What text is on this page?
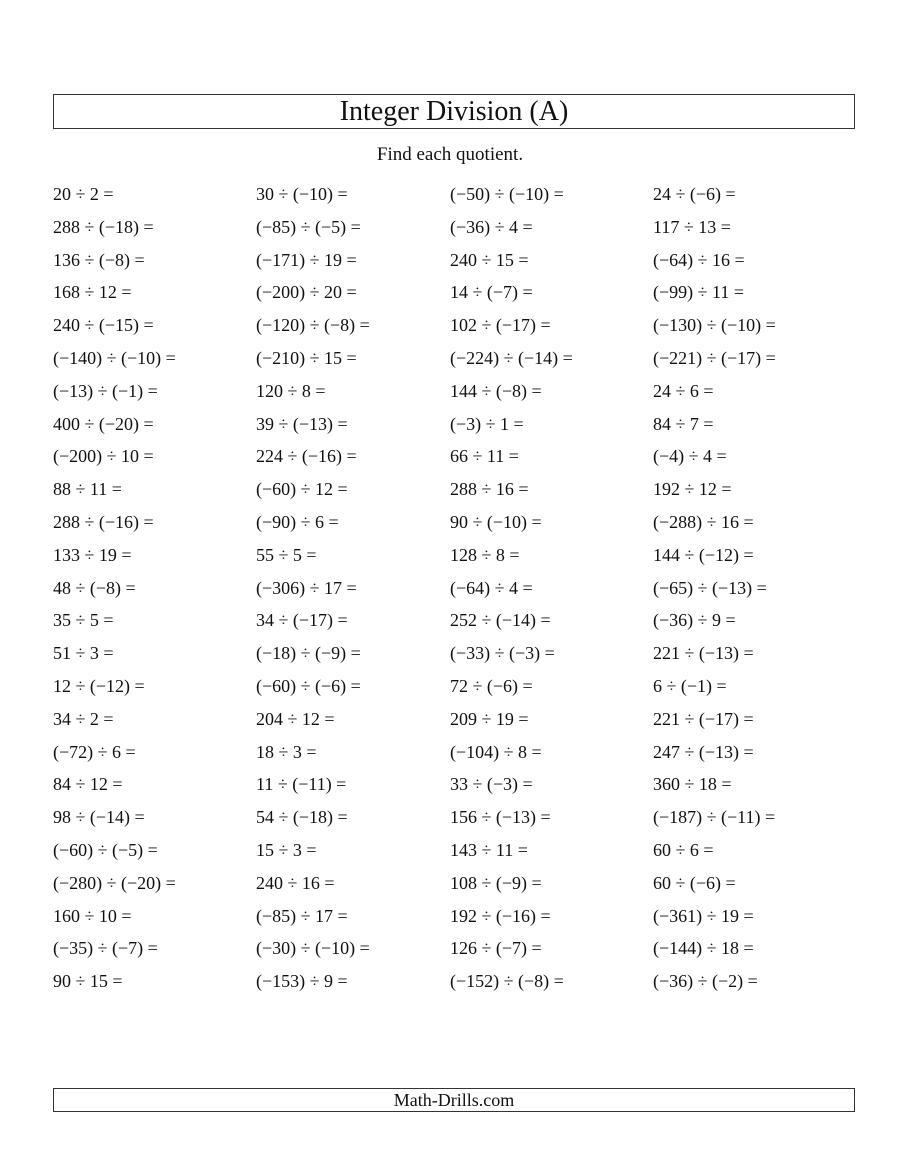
Integer Division (A)
Find each quotient.
20 ÷ 2 =	30 ÷ (−10) =	(−50) ÷ (−10) =	24 ÷ (−6) =
288 ÷ (−18) =	(−85) ÷ (−5) =	(−36) ÷ 4 =	117 ÷ 13 =
136 ÷ (−8) =	(−171) ÷ 19 =	240 ÷ 15 =	(−64) ÷ 16 =
168 ÷ 12 =	(−200) ÷ 20 =	14 ÷ (−7) =	(−99) ÷ 11 =
240 ÷ (−15) =	(−120) ÷ (−8) =	102 ÷ (−17) =	(−130) ÷ (−10) =
(−140) ÷ (−10) =	(−210) ÷ 15 =	(−224) ÷ (−14) =	(−221) ÷ (−17) =
(−13) ÷ (−1) =	120 ÷ 8 =	144 ÷ (−8) =	24 ÷ 6 =
400 ÷ (−20) =	39 ÷ (−13) =	(−3) ÷ 1 =	84 ÷ 7 =
(−200) ÷ 10 =	224 ÷ (−16) =	66 ÷ 11 =	(−4) ÷ 4 =
88 ÷ 11 =	(−60) ÷ 12 =	288 ÷ 16 =	192 ÷ 12 =
288 ÷ (−16) =	(−90) ÷ 6 =	90 ÷ (−10) =	(−288) ÷ 16 =
133 ÷ 19 =	55 ÷ 5 =	128 ÷ 8 =	144 ÷ (−12) =
48 ÷ (−8) =	(−306) ÷ 17 =	(−64) ÷ 4 =	(−65) ÷ (−13) =
35 ÷ 5 =	34 ÷ (−17) =	252 ÷ (−14) =	(−36) ÷ 9 =
51 ÷ 3 =	(−18) ÷ (−9) =	(−33) ÷ (−3) =	221 ÷ (−13) =
12 ÷ (−12) =	(−60) ÷ (−6) =	72 ÷ (−6) =	6 ÷ (−1) =
34 ÷ 2 =	204 ÷ 12 =	209 ÷ 19 =	221 ÷ (−17) =
(−72) ÷ 6 =	18 ÷ 3 =	(−104) ÷ 8 =	247 ÷ (−13) =
84 ÷ 12 =	11 ÷ (−11) =	33 ÷ (−3) =	360 ÷ 18 =
98 ÷ (−14) =	54 ÷ (−18) =	156 ÷ (−13) =	(−187) ÷ (−11) =
(−60) ÷ (−5) =	15 ÷ 3 =	143 ÷ 11 =	60 ÷ 6 =
(−280) ÷ (−20) =	240 ÷ 16 =	108 ÷ (−9) =	60 ÷ (−6) =
160 ÷ 10 =	(−85) ÷ 17 =	192 ÷ (−16) =	(−361) ÷ 19 =
(−35) ÷ (−7) =	(−30) ÷ (−10) =	126 ÷ (−7) =	(−144) ÷ 18 =
90 ÷ 15 =	(−153) ÷ 9 =	(−152) ÷ (−8) =	(−36) ÷ (−2) =
Math-Drills.com
